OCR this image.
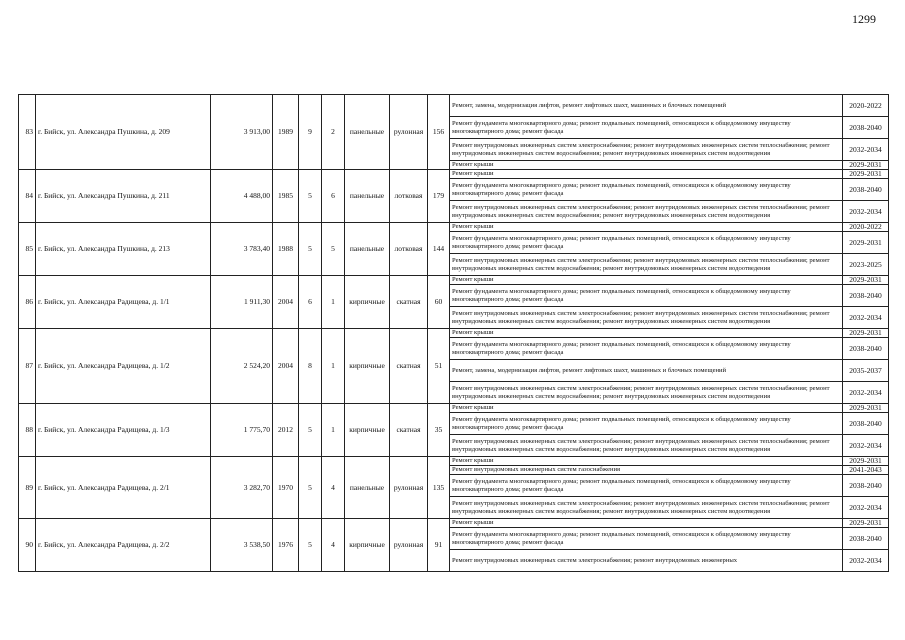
1299
83	г. Бийск, ул. Александра Пушкина, д. 209	3 913,00	1989	9	2	панельные	рулонная	156	Ремонт, замена, модернизация лифтов, ремонт лифтовых шахт, машинных и блочных помещений	2020-2022
									Ремонт фундамента многоквартирного дома; ремонт подвальных помещений, относящихся к общедомовому имуществу многоквартирного дома; ремонт фасада	2038-2040
									Ремонт внутридомовых инженерных систем электроснабжения; ремонт внутридомовых инженерных систем теплоснабжения; ремонт внутридомовых инженерных систем водоснабжения; ремонт внутридомовых инженерных систем водоотведения	2032-2034
									Ремонт крыши	2029-2031
84	г. Бийск, ул. Александра Пушкина, д. 211	4 488,00	1985	5	6	панельные	лотковая	179	Ремонт крыши	2029-2031
									Ремонт фундамента многоквартирного дома; ремонт подвальных помещений, относящихся к общедомовому имуществу многоквартирного дома; ремонт фасада	2038-2040
									Ремонт внутридомовых инженерных систем электроснабжения; ремонт внутридомовых инженерных систем теплоснабжения; ремонт внутридомовых инженерных систем водоснабжения; ремонт внутридомовых инженерных систем водоотведения	2032-2034
85	г. Бийск, ул. Александра Пушкина, д. 213	3 783,40	1988	5	5	панельные	лотковая	144	Ремонт крыши	2020-2022
									Ремонт фундамента многоквартирного дома; ремонт подвальных помещений, относящихся к общедомовому имуществу многоквартирного дома; ремонт фасада	2029-2031
									Ремонт внутридомовых инженерных систем электроснабжения; ремонт внутридомовых инженерных систем теплоснабжения; ремонт внутридомовых инженерных систем водоснабжения; ремонт внутридомовых инженерных систем водоотведения	2023-2025
86	г. Бийск, ул. Александра Радищева, д. 1/1	1 911,30	2004	6	1	кирпичные	скатная	60	Ремонт крыши	2029-2031
									Ремонт фундамента многоквартирного дома; ремонт подвальных помещений, относящихся к общедомовому имуществу многоквартирного дома; ремонт фасада	2038-2040
									Ремонт внутридомовых инженерных систем электроснабжения; ремонт внутридомовых инженерных систем теплоснабжения; ремонт внутридомовых инженерных систем водоснабжения; ремонт внутридомовых инженерных систем водоотведения	2032-2034
87	г. Бийск, ул. Александра Радищева, д. 1/2	2 524,20	2004	8	1	кирпичные	скатная	51	Ремонт крыши	2029-2031
									Ремонт фундамента многоквартирного дома; ремонт подвальных помещений, относящихся к общедомовому имуществу многоквартирного дома; ремонт фасада	2038-2040
									Ремонт, замена, модернизация лифтов, ремонт лифтовых шахт, машинных и блочных помещений	2035-2037
									Ремонт внутридомовых инженерных систем электроснабжения; ремонт внутридомовых инженерных систем теплоснабжения; ремонт внутридомовых инженерных систем водоснабжения; ремонт внутридомовых инженерных систем водоотведения	2032-2034
88	г. Бийск, ул. Александра Радищева, д. 1/3	1 775,70	2012	5	1	кирпичные	скатная	35	Ремонт крыши	2029-2031
									Ремонт фундамента многоквартирного дома; ремонт подвальных помещений, относящихся к общедомовому имуществу многоквартирного дома; ремонт фасада	2038-2040
									Ремонт внутридомовых инженерных систем электроснабжения; ремонт внутридомовых инженерных систем теплоснабжения; ремонт внутридомовых инженерных систем водоснабжения; ремонт внутридомовых инженерных систем водоотведения	2032-2034
89	г. Бийск, ул. Александра Радищева, д. 2/1	3 282,70	1970	5	4	панельные	рулонная	135	Ремонт крыши	2029-2031
									Ремонт внутридомовых инженерных систем газоснабжения	2041-2043
									Ремонт фундамента многоквартирного дома; ремонт подвальных помещений, относящихся к общедомовому имуществу многоквартирного дома; ремонт фасада	2038-2040
									Ремонт внутридомовых инженерных систем электроснабжения; ремонт внутридомовых инженерных систем теплоснабжения; ремонт внутридомовых инженерных систем водоснабжения; ремонт внутридомовых инженерных систем водоотведения	2032-2034
90	г. Бийск, ул. Александра Радищева, д. 2/2	3 538,50	1976	5	4	кирпичные	рулонная	91	Ремонт крыши	2029-2031
									Ремонт фундамента многоквартирного дома; ремонт подвальных помещений, относящихся к общедомовому имуществу многоквартирного дома; ремонт фасада	2038-2040
									Ремонт внутридомовых инженерных систем электроснабжения; ремонт внутридомовых инженерных	2032-2034
